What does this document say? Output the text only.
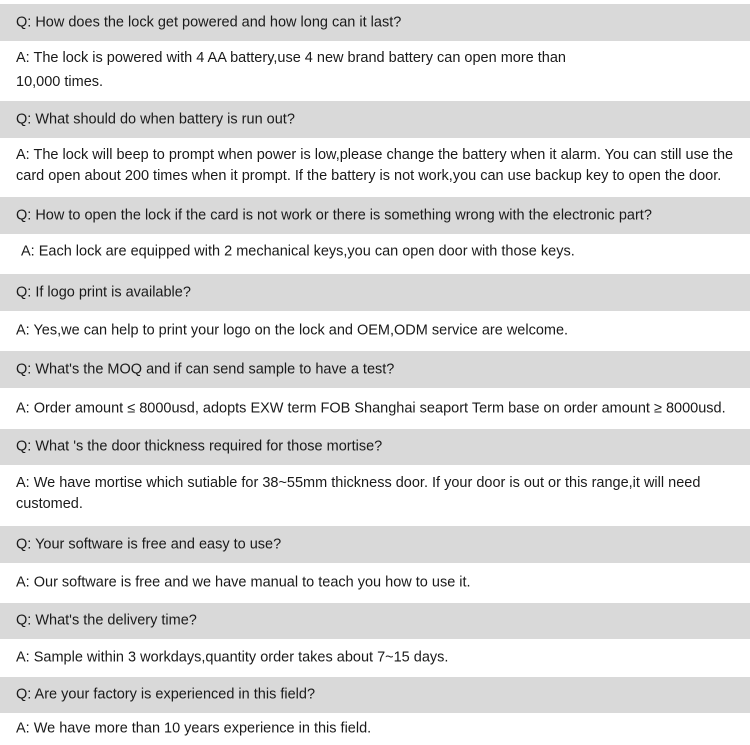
Q: How does the lock get powered and how long can it last?
A: The lock is powered with 4 AA battery,use 4 new brand battery can open more than
10,000 times.
Q: What should do when battery is run out?
A: The lock will beep to prompt when power is low,please change the battery when it alarm. You can still use the
card open about 200 times when it prompt. If the battery is not work,you can use backup key to open the door.
Q: How to open the lock if the card is not work or there is something wrong with the electronic part?
A: Each lock are equipped with 2 mechanical keys,you can open door with those keys.
Q: If logo print is available?
A: Yes,we can help to print your logo on the lock and OEM,ODM service are welcome.
Q: What's the MOQ and if can send sample to have a test?
A: Order amount ≤ 8000usd, adopts EXW term FOB Shanghai seaport Term base on order amount ≥ 8000usd.
Q: What 's the door thickness required for those mortise?
A: We have mortise which sutiable for 38~55mm thickness door. If your door is out or this range,it will need
customed.
Q: Your software is free and easy to use?
A: Our software is free and we have manual to teach you how to use it.
Q: What's the delivery time?
A: Sample within 3 workdays,quantity order takes about 7~15 days.
Q: Are your factory is experienced in this field?
A: We have more than 10 years experience in this field.
